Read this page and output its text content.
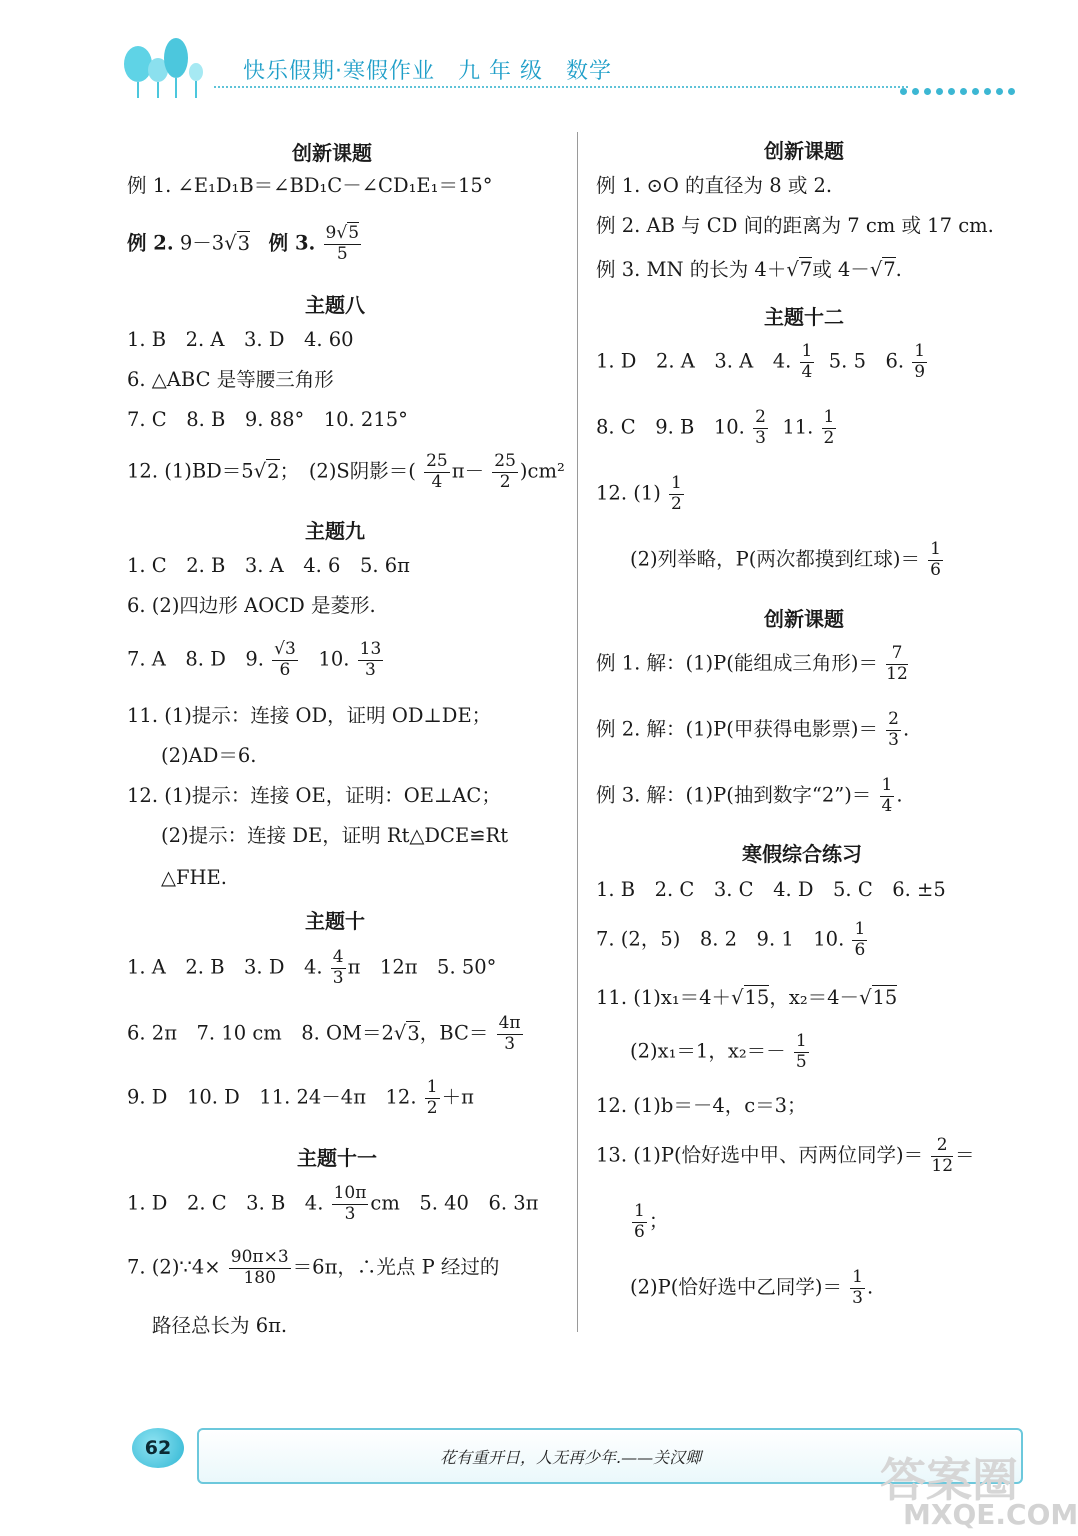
快乐假期·寒假作业　九 年 级　数学
创新课题
例 1. ∠E₁D₁B＝∠BD₁C－∠CD₁E₁＝15°
例 2. 9－3√3 例 3. $\frac{9√5}{5}$
主题八
1. B　2. A　3. D　4. 60
6. △ABC 是等腰三角形
7. C　8. B　9. 88°　10. 215°
12. (1)BD＝5√2；　(2)S阴影＝( $\frac{25}{4} \pi- \frac{25}{2} )cm^2$
主题九
1. C　2. B　3. A　4. 6　5. 6π
6. (2)四边形 AOCD 是菱形.
7. A　8. D　9. $\frac{√3}{6} 10$. $\frac{13}{3}$
11. (1)提示：连接 OD，证明 OD⊥DE；
(2)AD＝6.
12. (1)提示：连接 OE，证明：OE⊥AC；
(2)提示：连接 DE，证明 Rt△DCE≌Rt
△FHE.
主题十
1. A　2. B　3. D　4. $\frac{4}{3}$ π　12π　5. 50°
6. 2π　7. 10 cm　8. OM＝2√3，$BC= \frac{4\pi}{3}$
9. D　10. D　11. 24－4π　12. $\frac{1}{2} +\pi$
主题十一
1. D　2. C　3. B　4. $\frac{10\pi}{3}$ cm　5. 40　6. 3π
7. (2)∵4× $\frac{90\pi\times 3}{180} =6\pi$，∴光点 P 经过的
路径总长为 6π.
创新课题
例 1. ⊙O 的直径为 8 或 2.
例 2. AB 与 CD 间的距离为 7 cm 或 17 cm.
例 3. MN 的长为 4＋√7或 4－√7.
主题十二
1. D　2. A　3. A　4. $\frac{1}{4} 5$. 5　6. $\frac{1}{9}$
8. C　9. B　10. $\frac{2}{3} 11$. $\frac{1}{2}$
12. $(1) \frac{1}{2}$
(2)列举略，P(两次都摸到红球)＝ $\frac{1}{6}$
创新课题
例 1. 解：(1)P(能组成三角形)＝ $\frac{7}{12}$
例 2. 解：(1)P(甲获得电影票)＝ $\frac{2}{3}$ .
例 3. 解：(1)P(抽到数字“2”)＝ $\frac{1}{4}$ .
寒假综合练习
1. B　2. C　3. C　4. D　5. C　6. ±5
7. (2，5)　8. 2　9. 1　10. $\frac{1}{6}$
11. (1)x₁＝4＋√15，x₂＝4－√15
(2)x₁＝1，$x_2=- \frac{1}{5}$
12. (1)b＝－4，c＝3；
13. (1)P(恰好选中甲、丙两位同学)＝ $\frac{2}{12}$ ＝
$\frac{1}{6}$ ；
(2)P(恰好选中乙同学)＝ $\frac{1}{3}$ .
62	花有重开日，人无再少年.——关汉卿	答案圈
MXQE.COM
